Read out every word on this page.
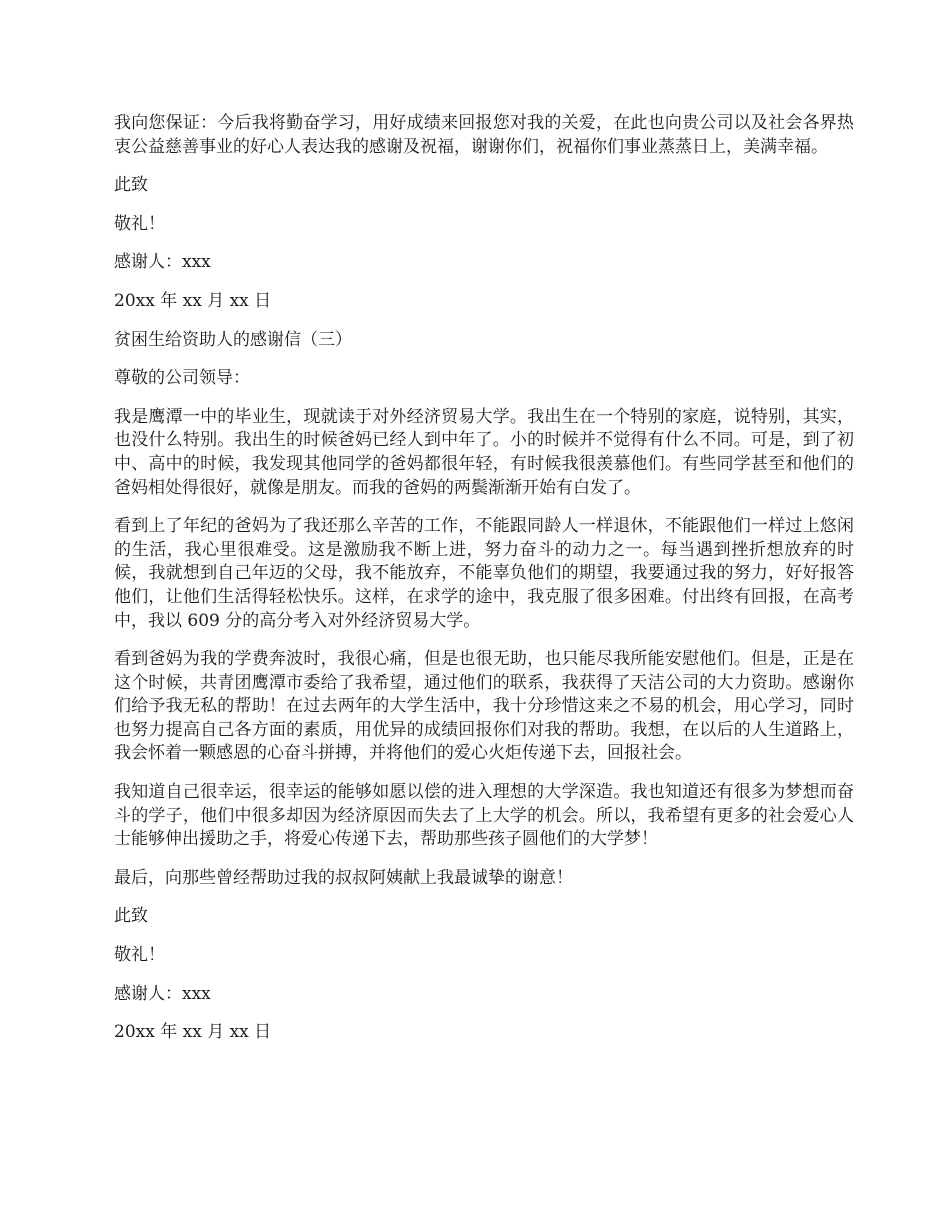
我向您保证：今后我将勤奋学习，用好成绩来回报您对我的关爱，在此也向贵公司以及社会各界热衷公益慈善事业的好心人表达我的感谢及祝福，谢谢你们，祝福你们事业蒸蒸日上，美满幸福。

此致

敬礼！

感谢人：xxx

20xx 年 xx 月 xx 日

贫困生给资助人的感谢信（三）

尊敬的公司领导：

我是鹰潭一中的毕业生，现就读于对外经济贸易大学。我出生在一个特别的家庭，说特别，其实，也没什么特别。我出生的时候爸妈已经人到中年了。小的时候并不觉得有什么不同。可是，到了初中、高中的时候，我发现其他同学的爸妈都很年轻，有时候我很羡慕他们。有些同学甚至和他们的爸妈相处得很好，就像是朋友。而我的爸妈的两鬓渐渐开始有白发了。

看到上了年纪的爸妈为了我还那么辛苦的工作，不能跟同龄人一样退休，不能跟他们一样过上悠闲的生活，我心里很难受。这是激励我不断上进，努力奋斗的动力之一。每当遇到挫折想放弃的时候，我就想到自己年迈的父母，我不能放弃，不能辜负他们的期望，我要通过我的努力，好好报答他们，让他们生活得轻松快乐。这样，在求学的途中，我克服了很多困难。付出终有回报，在高考中，我以 609 分的高分考入对外经济贸易大学。

看到爸妈为我的学费奔波时，我很心痛，但是也很无助，也只能尽我所能安慰他们。但是，正是在这个时候，共青团鹰潭市委给了我希望，通过他们的联系，我获得了天洁公司的大力资助。感谢你们给予我无私的帮助！在过去两年的大学生活中，我十分珍惜这来之不易的机会，用心学习，同时也努力提高自己各方面的素质，用优异的成绩回报你们对我的帮助。我想，在以后的人生道路上，我会怀着一颗感恩的心奋斗拼搏，并将他们的爱心火炬传递下去，回报社会。

我知道自己很幸运，很幸运的能够如愿以偿的进入理想的大学深造。我也知道还有很多为梦想而奋斗的学子，他们中很多却因为经济原因而失去了上大学的机会。所以，我希望有更多的社会爱心人士能够伸出援助之手，将爱心传递下去，帮助那些孩子圆他们的大学梦！

最后，向那些曾经帮助过我的叔叔阿姨献上我最诚挚的谢意！

此致

敬礼！

感谢人：xxx

20xx 年 xx 月 xx 日
